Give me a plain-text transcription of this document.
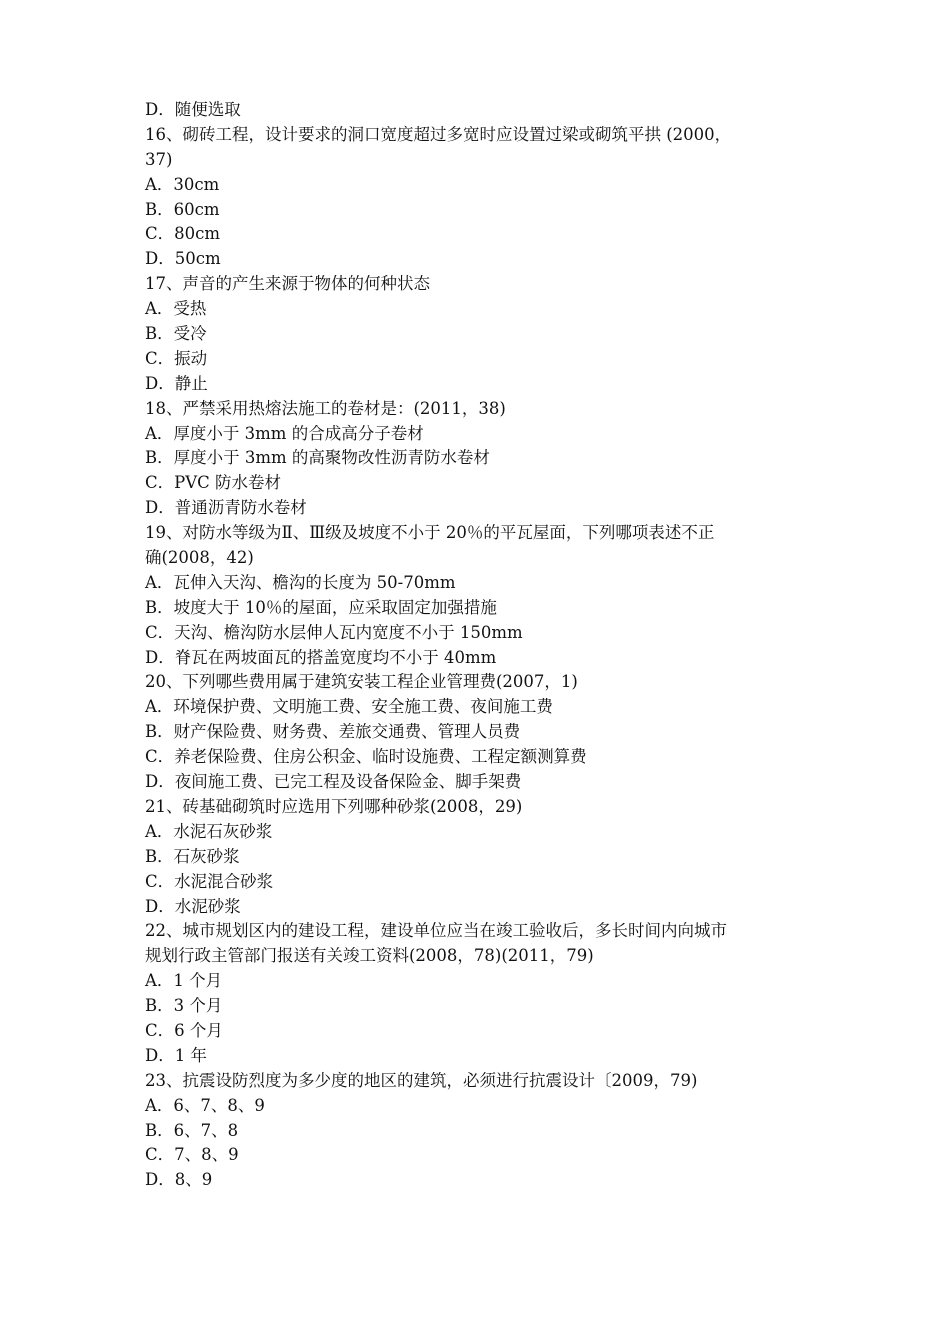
D．随便选取
16、砌砖工程，设计要求的洞口宽度超过多宽时应设置过梁或砌筑平拱 (2000，
37)
A．30cm
B．60cm
C．80cm
D．50cm
17、声音的产生来源于物体的何种状态
A．受热
B．受冷
C．振动
D．静止
18、严禁采用热熔法施工的卷材是：(2011，38)
A．厚度小于 3mm 的合成高分子卷材
B．厚度小于 3mm 的高聚物改性沥青防水卷材
C．PVC 防水卷材
D．普通沥青防水卷材
19、对防水等级为Ⅱ、Ⅲ级及坡度不小于 20％的平瓦屋面，下列哪项表述不正
确(2008，42)
A．瓦伸入天沟、檐沟的长度为 50-70mm
B．坡度大于 10％的屋面，应采取固定加强措施
C．天沟、檐沟防水层伸人瓦内宽度不小于 150mm
D．脊瓦在两坡面瓦的搭盖宽度均不小于 40mm
20、下列哪些费用属于建筑安装工程企业管理费(2007，1)
A．环境保护费、文明施工费、安全施工费、夜间施工费
B．财产保险费、财务费、差旅交通费、管理人员费
C．养老保险费、住房公积金、临时设施费、工程定额测算费
D．夜间施工费、已完工程及设备保险金、脚手架费
21、砖基础砌筑时应选用下列哪种砂浆(2008，29)
A．水泥石灰砂浆
B．石灰砂浆
C．水泥混合砂浆
D．水泥砂浆
22、城市规划区内的建设工程，建设单位应当在竣工验收后，多长时间内向城市
规划行政主管部门报送有关竣工资料(2008，78)(2011，79)
A．1 个月
B．3 个月
C．6 个月
D．1 年
23、抗震设防烈度为多少度的地区的建筑，必须进行抗震设计〔2009，79)
A．6、7、8、9
B．6、7、8
C．7、8、9
D．8、9
